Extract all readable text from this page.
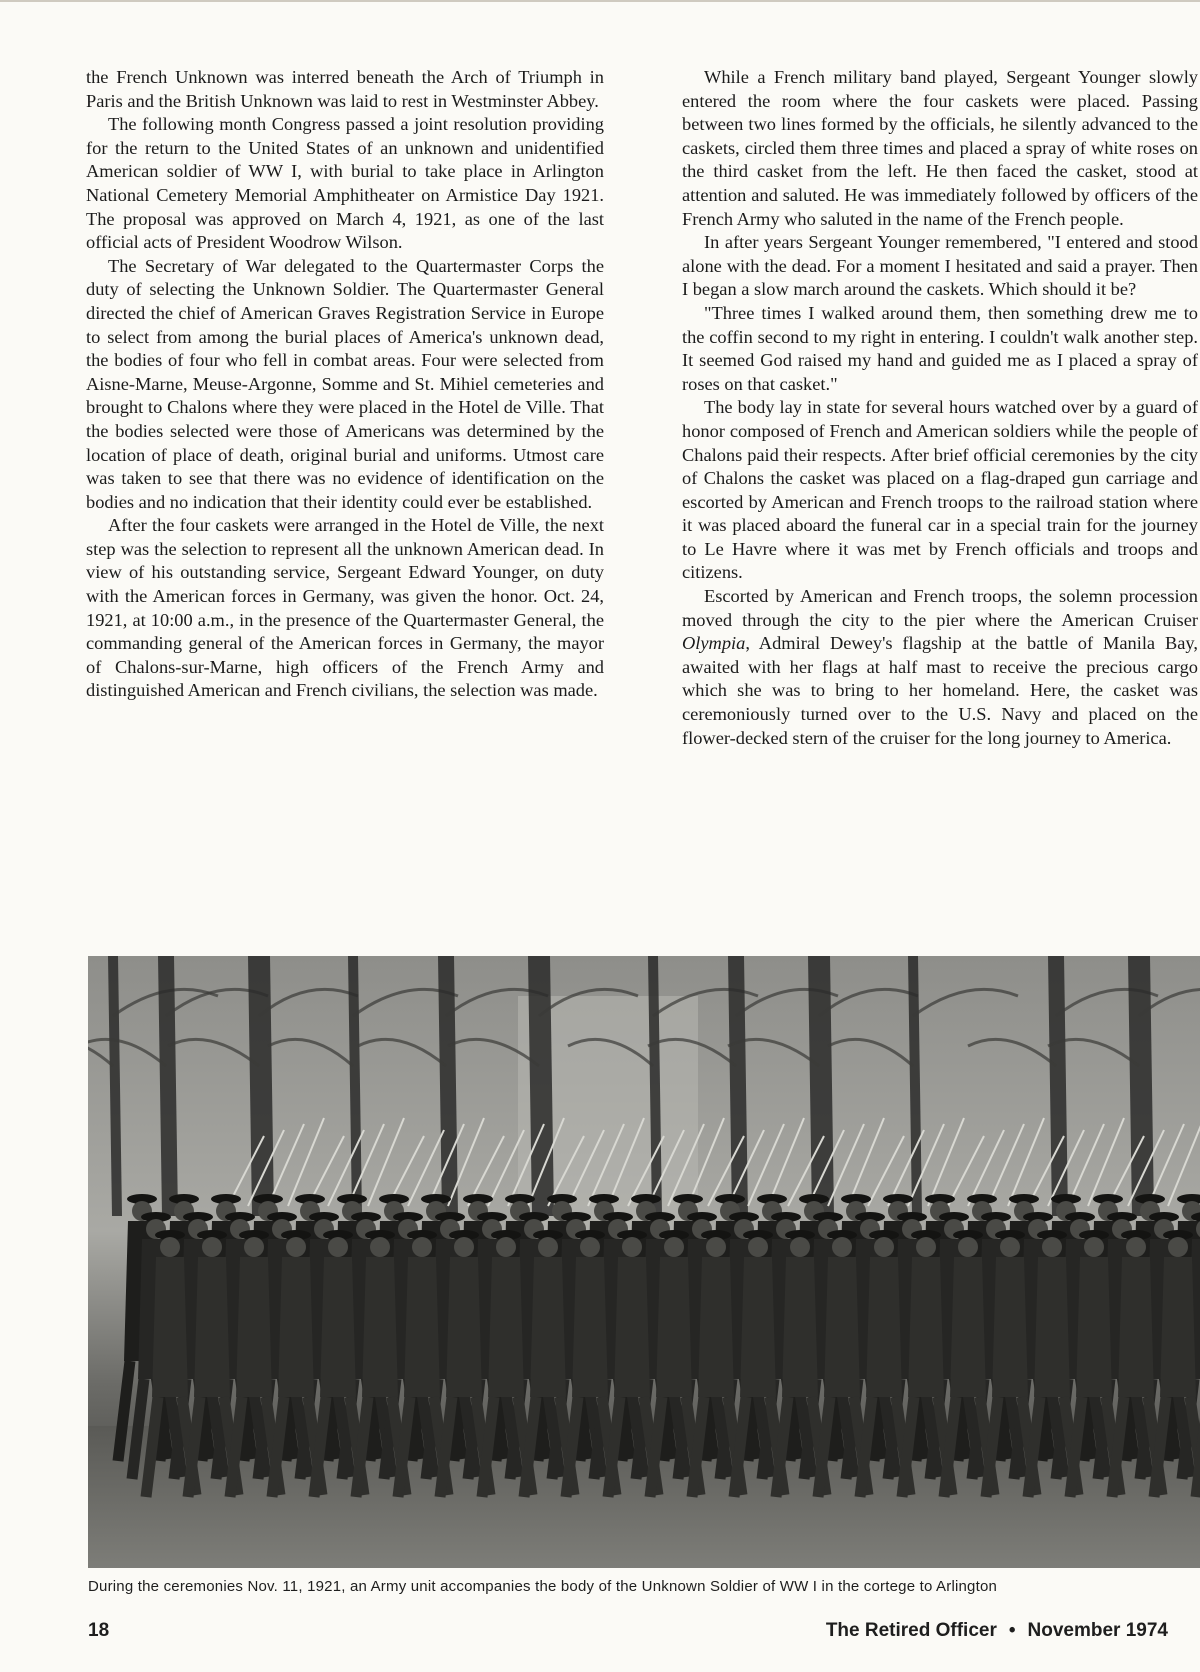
the French Unknown was interred beneath the Arch of Triumph in Paris and the British Unknown was laid to rest in Westminster Abbey.

The following month Congress passed a joint resolution providing for the return to the United States of an unknown and unidentified American soldier of WW I, with burial to take place in Arlington National Cemetery Memorial Amphitheater on Armistice Day 1921. The proposal was approved on March 4, 1921, as one of the last official acts of President Woodrow Wilson.

The Secretary of War delegated to the Quartermaster Corps the duty of selecting the Unknown Soldier. The Quartermaster General directed the chief of American Graves Registration Service in Europe to select from among the burial places of America's unknown dead, the bodies of four who fell in combat areas. Four were selected from Aisne-Marne, Meuse-Argonne, Somme and St. Mihiel cemeteries and brought to Chalons where they were placed in the Hotel de Ville. That the bodies selected were those of Americans was determined by the location of place of death, original burial and uniforms. Utmost care was taken to see that there was no evidence of identification on the bodies and no indication that their identity could ever be established.

After the four caskets were arranged in the Hotel de Ville, the next step was the selection to represent all the unknown American dead. In view of his outstanding service, Sergeant Edward Younger, on duty with the American forces in Germany, was given the honor. Oct. 24, 1921, at 10:00 a.m., in the presence of the Quartermaster General, the commanding general of the American forces in Germany, the mayor of Chalons-sur-Marne, high officers of the French Army and distinguished American and French civilians, the selection was made.

While a French military band played, Sergeant Younger slowly entered the room where the four caskets were placed. Passing between two lines formed by the officials, he silently advanced to the caskets, circled them three times and placed a spray of white roses on the third casket from the left. He then faced the casket, stood at attention and saluted. He was immediately followed by officers of the French Army who saluted in the name of the French people.

In after years Sergeant Younger remembered, "I entered and stood alone with the dead. For a moment I hesitated and said a prayer. Then I began a slow march around the caskets. Which should it be?

"Three times I walked around them, then something drew me to the coffin second to my right in entering. I couldn't walk another step. It seemed God raised my hand and guided me as I placed a spray of roses on that casket."

The body lay in state for several hours watched over by a guard of honor composed of French and American soldiers while the people of Chalons paid their respects. After brief official ceremonies by the city of Chalons the casket was placed on a flag-draped gun carriage and escorted by American and French troops to the railroad station where it was placed aboard the funeral car in a special train for the journey to Le Havre where it was met by French officials and troops and citizens.

Escorted by American and French troops, the solemn procession moved through the city to the pier where the American Cruiser Olympia, Admiral Dewey's flagship at the battle of Manila Bay, awaited with her flags at half mast to receive the precious cargo which she was to bring to her homeland. Here, the casket was ceremoniously turned over to the U.S. Navy and placed on the flower-decked stern of the cruiser for the long journey to America.

During the ceremonies Nov. 11, 1921, an Army unit accompanies the body of the Unknown Soldier of WW I in the cortege to Arlington
18	The Retired Officer • November 1974
